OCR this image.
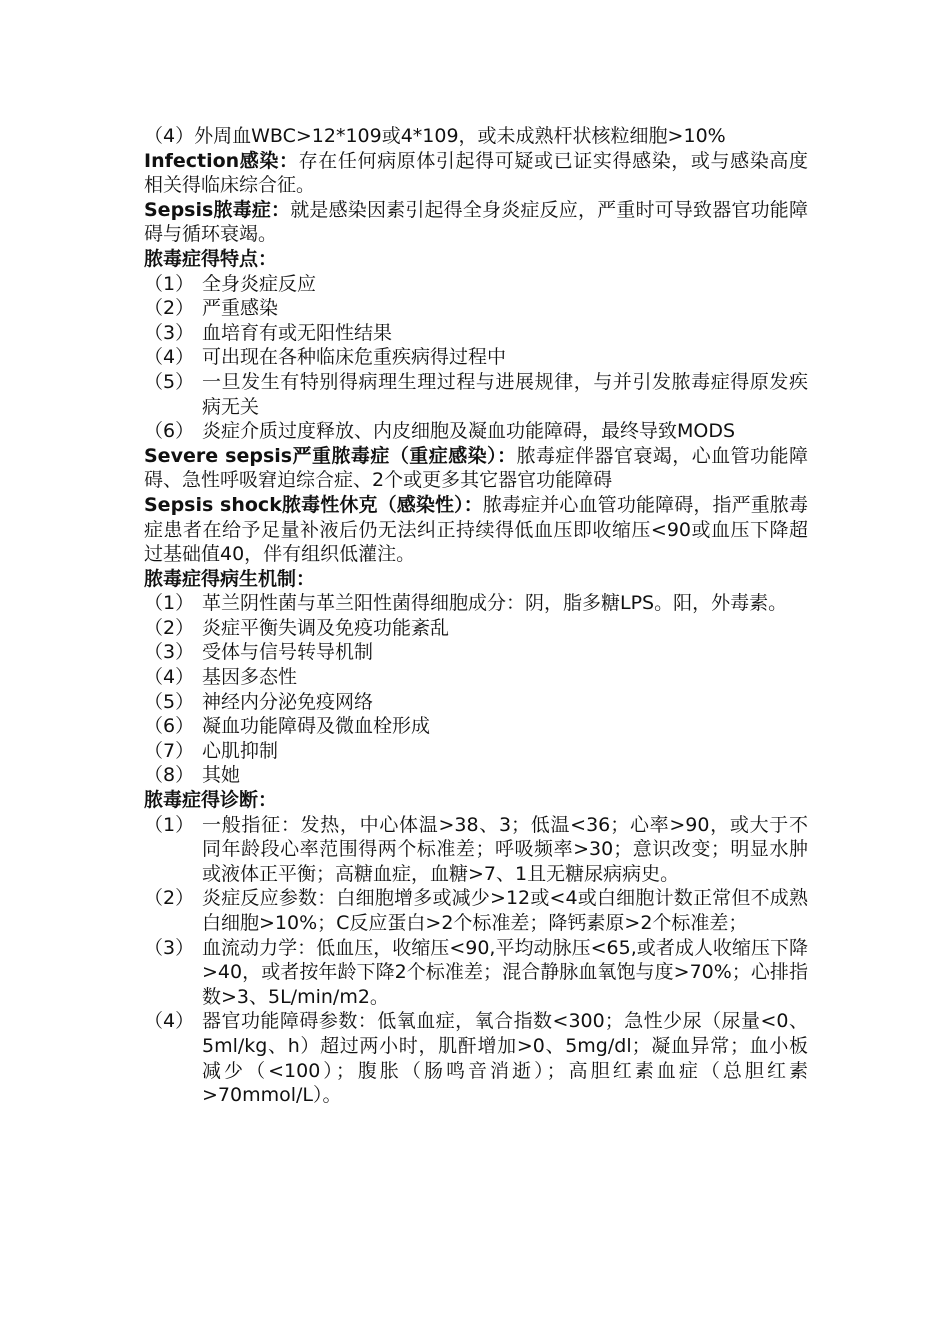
（4）外周血WBC>12*109或4*109，或未成熟杆状核粒细胞>10%

Infection感染：存在任何病原体引起得可疑或已证实得感染，或与感染高度相关得临床综合征。

Sepsis脓毒症：就是感染因素引起得全身炎症反应，严重时可导致器官功能障碍与循环衰竭。

脓毒症得特点：

（1） 全身炎症反应
（2） 严重感染
（3） 血培育有或无阳性结果
（4） 可出现在各种临床危重疾病得过程中
（5） 一旦发生有特别得病理生理过程与进展规律，与并引发脓毒症得原发疾病无关
（6） 炎症介质过度释放、内皮细胞及凝血功能障碍，最终导致MODS

Severe sepsis严重脓毒症（重症感染）：脓毒症伴器官衰竭，心血管功能障碍、急性呼吸窘迫综合症、2个或更多其它器官功能障碍

Sepsis shock脓毒性休克（感染性）：脓毒症并心血管功能障碍，指严重脓毒症患者在给予足量补液后仍无法纠正持续得低血压即收缩压<90或血压下降超过基础值40，伴有组织低灌注。

脓毒症得病生机制：

（1） 革兰阴性菌与革兰阳性菌得细胞成分：阴，脂多糖LPS。阳，外毒素。
（2） 炎症平衡失调及免疫功能紊乱
（3） 受体与信号转导机制
（4） 基因多态性
（5） 神经内分泌免疫网络
（6） 凝血功能障碍及微血栓形成
（7） 心肌抑制
（8） 其她

脓毒症得诊断：

（1） 一般指征：发热，中心体温>38、3；低温<36；心率>90，或大于不同年龄段心率范围得两个标准差；呼吸频率>30；意识改变；明显水肿或液体正平衡；高糖血症，血糖>7、1且无糖尿病病史。
（2） 炎症反应参数：白细胞增多或减少>12或<4或白细胞计数正常但不成熟白细胞>10%；C反应蛋白>2个标准差；降钙素原>2个标准差；
（3） 血流动力学：低血压，收缩压<90,平均动脉压<65,或者成人收缩压下降>40，或者按年龄下降2个标准差；混合静脉血氧饱与度>70%；心排指数>3、5L/min/m2。
（4） 器官功能障碍参数：低氧血症，氧合指数<300；急性少尿（尿量<0、5ml/kg、h）超过两小时，肌酐增加>0、5mg/dl；凝血异常；血小板减少（<100）；腹胀（肠鸣音消逝）；高胆红素血症（总胆红素>70mmol/L）。
